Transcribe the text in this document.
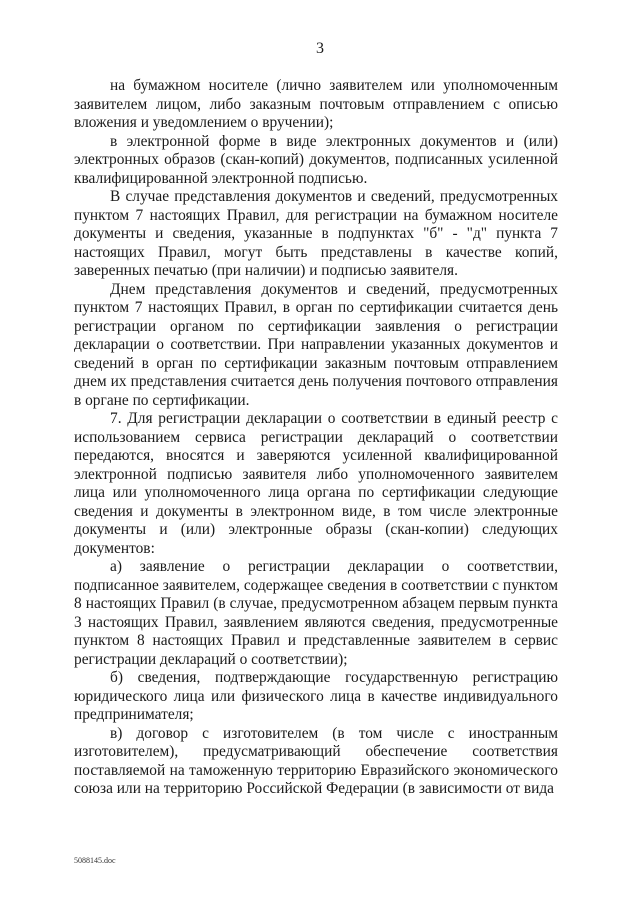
3

на бумажном носителе (лично заявителем или уполномоченным заявителем лицом, либо заказным почтовым отправлением с описью вложения и уведомлением о вручении);

в электронной форме в виде электронных документов и (или) электронных образов (скан-копий) документов, подписанных усиленной квалифицированной электронной подписью.

В случае представления документов и сведений, предусмотренных пунктом 7 настоящих Правил, для регистрации на бумажном носителе документы и сведения, указанные в подпунктах "б" - "д" пункта 7 настоящих Правил, могут быть представлены в качестве копий, заверенных печатью (при наличии) и подписью заявителя.

Днем представления документов и сведений, предусмотренных пунктом 7 настоящих Правил, в орган по сертификации считается день регистрации органом по сертификации заявления о регистрации декларации о соответствии. При направлении указанных документов и сведений в орган по сертификации заказным почтовым отправлением днем их представления считается день получения почтового отправления в органе по сертификации.

7. Для регистрации декларации о соответствии в единый реестр с использованием сервиса регистрации деклараций о соответствии передаются, вносятся и заверяются усиленной квалифицированной электронной подписью заявителя либо уполномоченного заявителем лица или уполномоченного лица органа по сертификации следующие сведения и документы в электронном виде, в том числе электронные документы и (или) электронные образы (скан-копии) следующих документов:

а) заявление о регистрации декларации о соответствии, подписанное заявителем, содержащее сведения в соответствии с пунктом 8 настоящих Правил (в случае, предусмотренном абзацем первым пункта 3 настоящих Правил, заявлением являются сведения, предусмотренные пунктом 8 настоящих Правил и представленные заявителем в сервис регистрации деклараций о соответствии);

б) сведения, подтверждающие государственную регистрацию юридического лица или физического лица в качестве индивидуального предпринимателя;

в) договор с изготовителем (в том числе с иностранным изготовителем), предусматривающий обеспечение соответствия поставляемой на таможенную территорию Евразийского экономического союза или на территорию Российской Федерации (в зависимости от вида

5088145.doc
